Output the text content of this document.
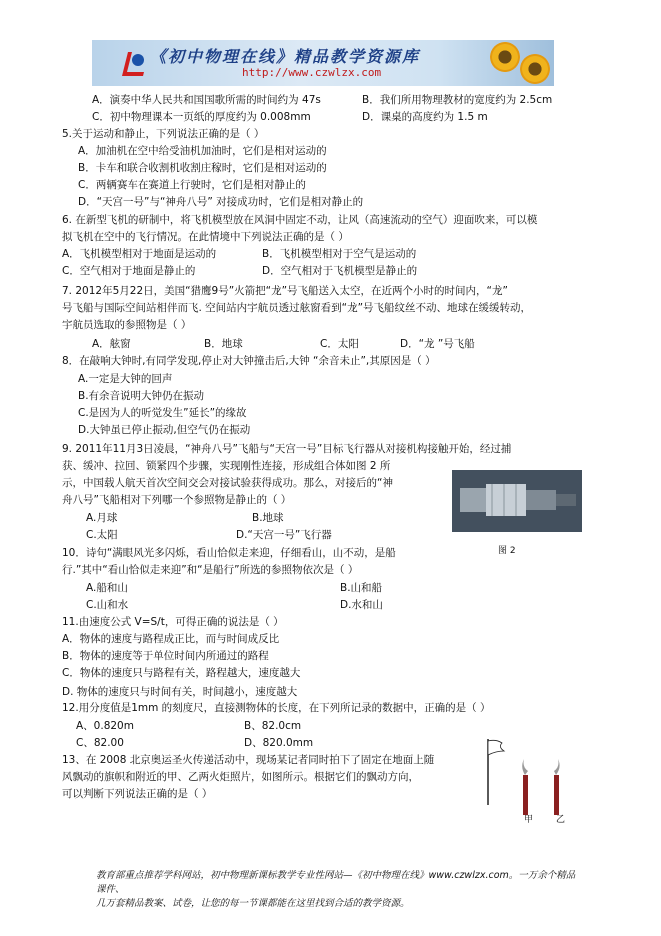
《初中物理在线》精品教学资源库
http://www.czwlzx.com
A．演奏中华人民共和国国歌所需的时间约为 47s	B．我们所用物理教材的宽度约为 2.5cm
C．初中物理课本一页纸的厚度约为 0.008mm	D．课桌的高度约为 1.5 m
5.关于运动和静止，下列说法正确的是（ ）
A．加油机在空中给受油机加油时，它们是相对运动的
B．卡车和联合收割机收割庄稼时，它们是相对运动的
C．两辆赛车在赛道上行驶时，它们是相对静止的
D．“天宫一号”与“神舟八号” 对接成功时，它们是相对静止的
6. 在新型飞机的研制中，将飞机模型放在风洞中固定不动，让风（高速流动的空气）迎面吹来，可以模
拟飞机在空中的飞行情况。在此情境中下列说法正确的是（ ）
A．飞机模型相对于地面是运动的	B．飞机模型相对于空气是运动的
C．空气相对于地面是静止的	D．空气相对于飞机模型是静止的
7. 2012年5月22日，美国“猎鹰9号”火箭把“龙”号飞船送入太空，在近两个小时的时间内，“龙”
号飞船与国际空间站相伴而飞. 空间站内宇航员透过舷窗看到“龙”号飞船纹丝不动、地球在缓缓转动，
宇航员选取的参照物是（ ）
A．舷窗	B．地球	C．太阳	D．“龙 ”号飞船
8．在敲响大钟时,有同学发现,停止对大钟撞击后,大钟 “余音未止”,其原因是（ ）
A.一定是大钟的回声
B.有余音说明大钟仍在振动
C.是因为人的听觉发生”延长”的缘故
D.大钟虽已停止振动,但空气仍在振动
9. 2011年11月3日凌晨，“神舟八号”飞船与“天宫一号”目标飞行器从对接机构接触开始，经过捕
获、缓冲、拉回、锁紧四个步骤，实现刚性连接，形成组合体如图 2 所
示，中国载人航天首次空间交会对接试验获得成功。那么，对接后的“神
舟八号”飞船相对下列哪一个参照物是静止的（ ）
A.月球	B.地球
C.太阳	D.“天宫一号”飞行器
图 2
10．诗句“满眼风光多闪烁，看山恰似走来迎，仔细看山，山不动，是船
行.”其中“看山恰似走来迎”和“是船行”所选的参照物依次是（ ）
A.船和山	B.山和船
C.山和水	D.水和山
11.由速度公式 V=S/t，可得正确的说法是（ ）
A．物体的速度与路程成正比，而与时间成反比
B．物体的速度等于单位时间内所通过的路程
C．物体的速度只与路程有关，路程越大，速度越大
D. 物体的速度只与时间有关，时间越小，速度越大
12.用分度值是1mm 的刻度尺，直接测物体的长度，在下列所记录的数据中，正确的是（ ）
A、0.820m	B、82.0cm
C、82.00	D、820.0mm
13、在 2008 北京奥运圣火传递活动中，现场某记者同时拍下了固定在地面上随
风飘动的旗帜和附近的甲、乙两火炬照片，如图所示。根据它们的飘动方向，
可以判断下列说法正确的是（ ）
甲	乙
教育部重点推荐学科网站，初中物理新课标教学专业性网站—《初中物理在线》www.czwlzx.com。一万余个精品课件、
几万套精品教案、试卷，让您的每一节课都能在这里找到合适的教学资源。
